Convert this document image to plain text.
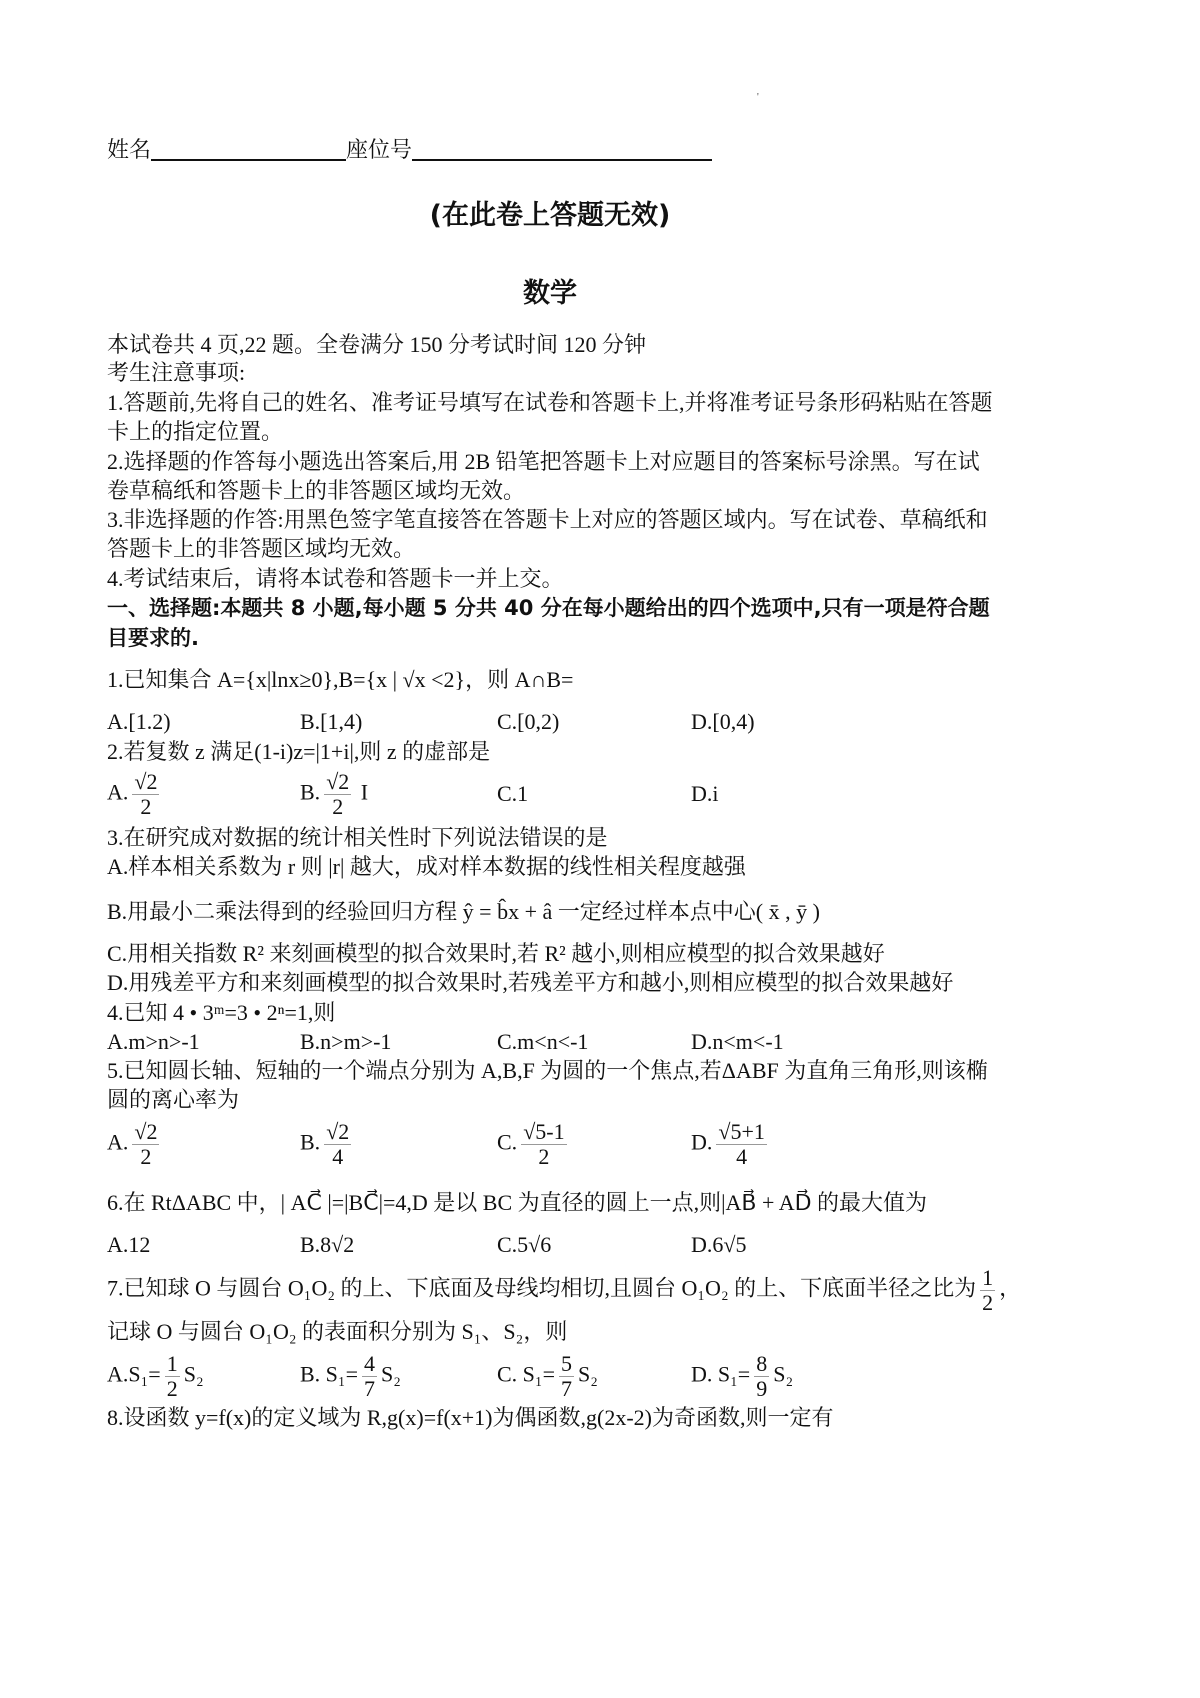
'
姓名	座位号
(在此卷上答题无效)
数学
本试卷共 4 页,22 题。全卷满分 150 分考试时间 120 分钟
考生注意事项:
1.答题前,先将自己的姓名、准考证号填写在试卷和答题卡上,并将准考证号条形码粘贴在答题
卡上的指定位置。
2.选择题的作答每小题选出答案后,用 2B 铅笔把答题卡上对应题目的答案标号涂黑。写在试
卷草稿纸和答题卡上的非答题区域均无效。
3.非选择题的作答:用黑色签字笔直接答在答题卡上对应的答题区域内。写在试卷、草稿纸和
答题卡上的非答题区域均无效。
4.考试结束后，请将本试卷和答题卡一并上交。
一、选择题:本题共 8 小题,每小题 5 分共 40 分在每小题给出的四个选项中,只有一项是符合题
目要求的.
1.已知集合 A={x|lnx≥0},B={x | √x <2}，则 A∩B=
A.[1.2)	B.[1,4)	C.[0,2)	D.[0,4)
2.若复数 z 满足(1-i)z=|1+i|,则 z 的虚部是
A. $\frac{√2}{2}$	B. $\frac{√2}{2}$ I	C.1	D.i
3.在研究成对数据的统计相关性时下列说法错误的是
A.样本相关系数为 r 则 |r| 越大，成对样本数据的线性相关程度越强
B.用最小二乘法得到的经验回归方程 ŷ = b̂x + â 一定经过样本点中心( x̄ , ȳ )
C.用相关指数 R² 来刻画模型的拟合效果时,若 R² 越小,则相应模型的拟合效果越好
D.用残差平方和来刻画模型的拟合效果时,若残差平方和越小,则相应模型的拟合效果越好
4.已知 4 • 3ᵐ=3 • 2ⁿ=1,则
A.m>n>-1	B.n>m>-1	C.m<n<-1	D.n<m<-1
5.已知圆长轴、短轴的一个端点分别为 A,B,F 为圆的一个焦点,若ΔABF 为直角三角形,则该椭
圆的离心率为
A. $\frac{√2}{2}$	B. $\frac{√2}{4}$	C. $\frac{√5-1}{2}$	D. $\frac{√5+1}{4}$
6.在 RtΔABC 中，| AC⃗ |=|BC⃗|=4,D 是以 BC 为直径的圆上一点,则|AB⃗ + AD⃗ 的最大值为
A.12	B.8√2	C.5√6	D.6√5
7.已知球 O 与圆台 O₁O₂ 的上、下底面及母线均相切,且圆台 O₁O₂ 的上、下底面半径之比为 $\frac{1}{2}$ ，
记球 O 与圆台 O₁O₂ 的表面积分别为 S₁、S₂，则
$A.S_1= \frac{1}{2} S_2$	B. $S_1= \frac{4}{7} S_2$	C. $S_1= \frac{5}{7} S_2$	D. $S_1= \frac{8}{9} S_2$
8.设函数 y=f(x)的定义域为 R,g(x)=f(x+1)为偶函数,g(2x-2)为奇函数,则一定有
